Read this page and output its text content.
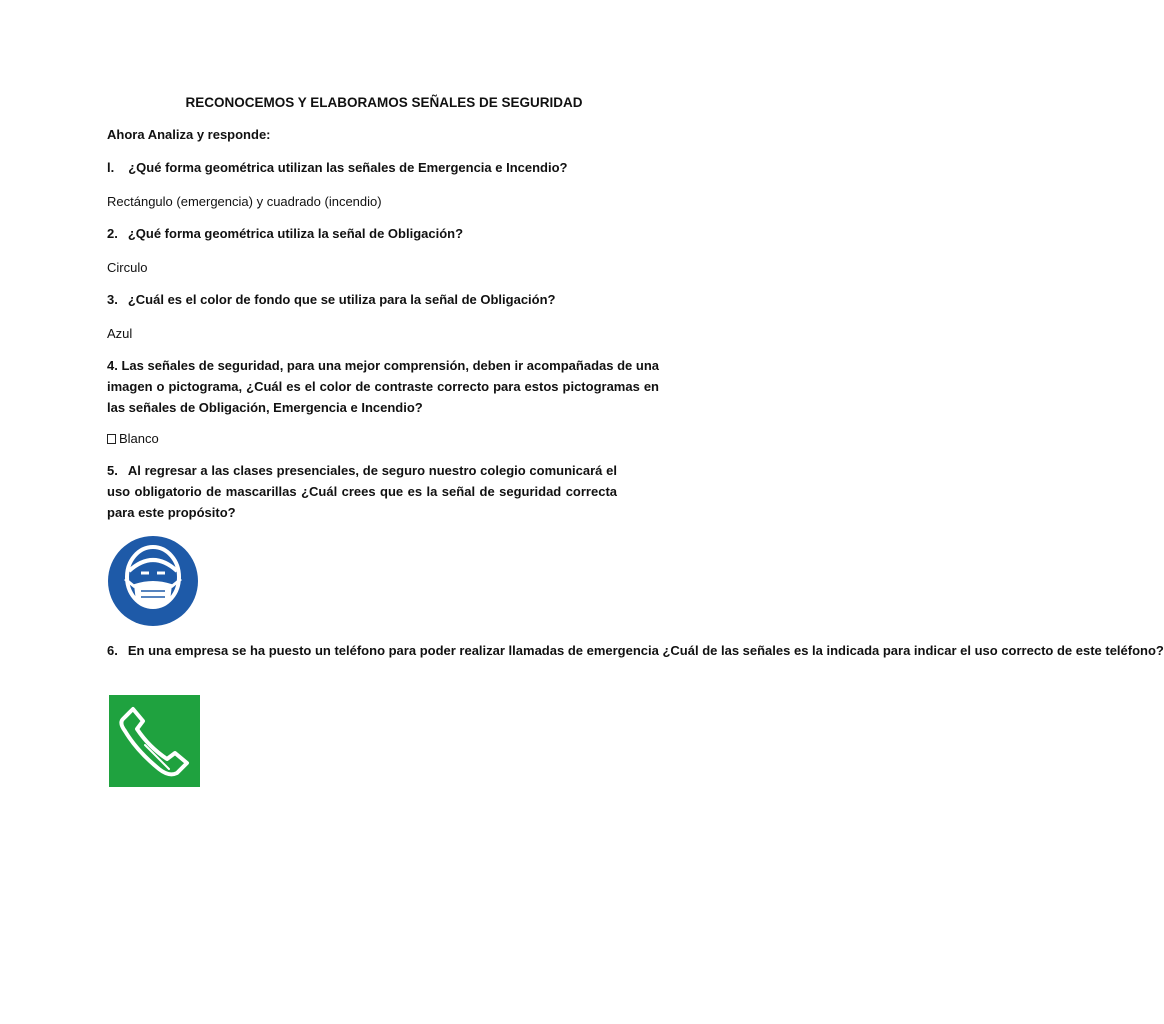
RECONOCEMOS Y ELABORAMOS SEÑALES DE SEGURIDAD
Ahora Analiza y responde:
l. ¿Qué forma geométrica utilizan las señales de Emergencia e Incendio?
Rectángulo (emergencia) y cuadrado (incendio)
2. ¿Qué forma geométrica utiliza la señal de Obligación?
Circulo
3. ¿Cuál es el color de fondo que se utiliza para la señal de Obligación?
Azul
4. Las señales de seguridad, para una mejor comprensión, deben ir acompañadas de una imagen o pictograma, ¿Cuál es el color de contraste correcto para estos pictogramas en las señales de Obligación, Emergencia e Incendio?
Blanco
5. Al regresar a las clases presenciales, de seguro nuestro colegio comunicará el uso obligatorio de mascarillas ¿Cuál crees que es la señal de seguridad correcta para este propósito?
6. En una empresa se ha puesto un teléfono para poder realizar llamadas de emergencia ¿Cuál de las señales es la indicada para indicar el uso correcto de este teléfono?
